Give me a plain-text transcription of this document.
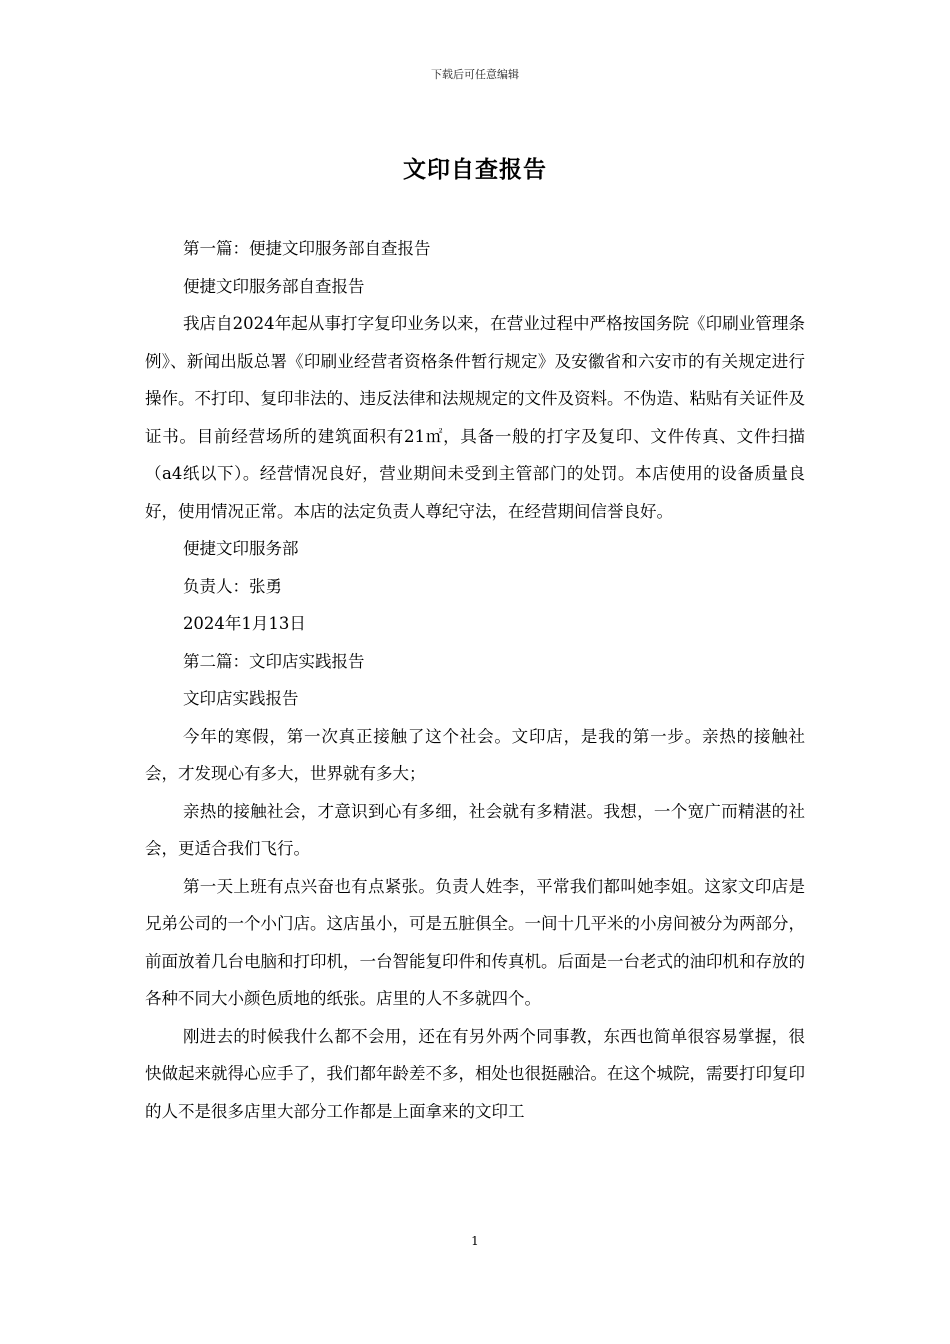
下载后可任意编辑
文印自查报告

第一篇：便捷文印服务部自查报告

便捷文印服务部自查报告

我店自2024年起从事打字复印业务以来，在营业过程中严格按国务院《印刷业管理条例》、新闻出版总署《印刷业经营者资格条件暂行规定》及安徽省和六安市的有关规定进行操作。不打印、复印非法的、违反法律和法规规定的文件及资料。不伪造、粘贴有关证件及证书。目前经营场所的建筑面积有21㎡，具备一般的打字及复印、文件传真、文件扫描（a4纸以下）。经营情况良好，营业期间未受到主管部门的处罚。本店使用的设备质量良好，使用情况正常。本店的法定负责人尊纪守法，在经营期间信誉良好。

便捷文印服务部

负责人：张勇

2024年1月13日

第二篇：文印店实践报告

文印店实践报告

今年的寒假，第一次真正接触了这个社会。文印店，是我的第一步。亲热的接触社会，才发现心有多大，世界就有多大；

亲热的接触社会，才意识到心有多细，社会就有多精湛。我想，一个宽广而精湛的社会，更适合我们飞行。

第一天上班有点兴奋也有点紧张。负责人姓李，平常我们都叫她李姐。这家文印店是兄弟公司的一个小门店。这店虽小，可是五脏俱全。一间十几平米的小房间被分为两部分，前面放着几台电脑和打印机，一台智能复印件和传真机。后面是一台老式的油印机和存放的各种不同大小颜色质地的纸张。店里的人不多就四个。

刚进去的时候我什么都不会用，还在有另外两个同事教，东西也简单很容易掌握，很快做起来就得心应手了，我们都年龄差不多，相处也很挺融洽。在这个城院，需要打印复印的人不是很多店里大部分工作都是上面拿来的文印工

1
